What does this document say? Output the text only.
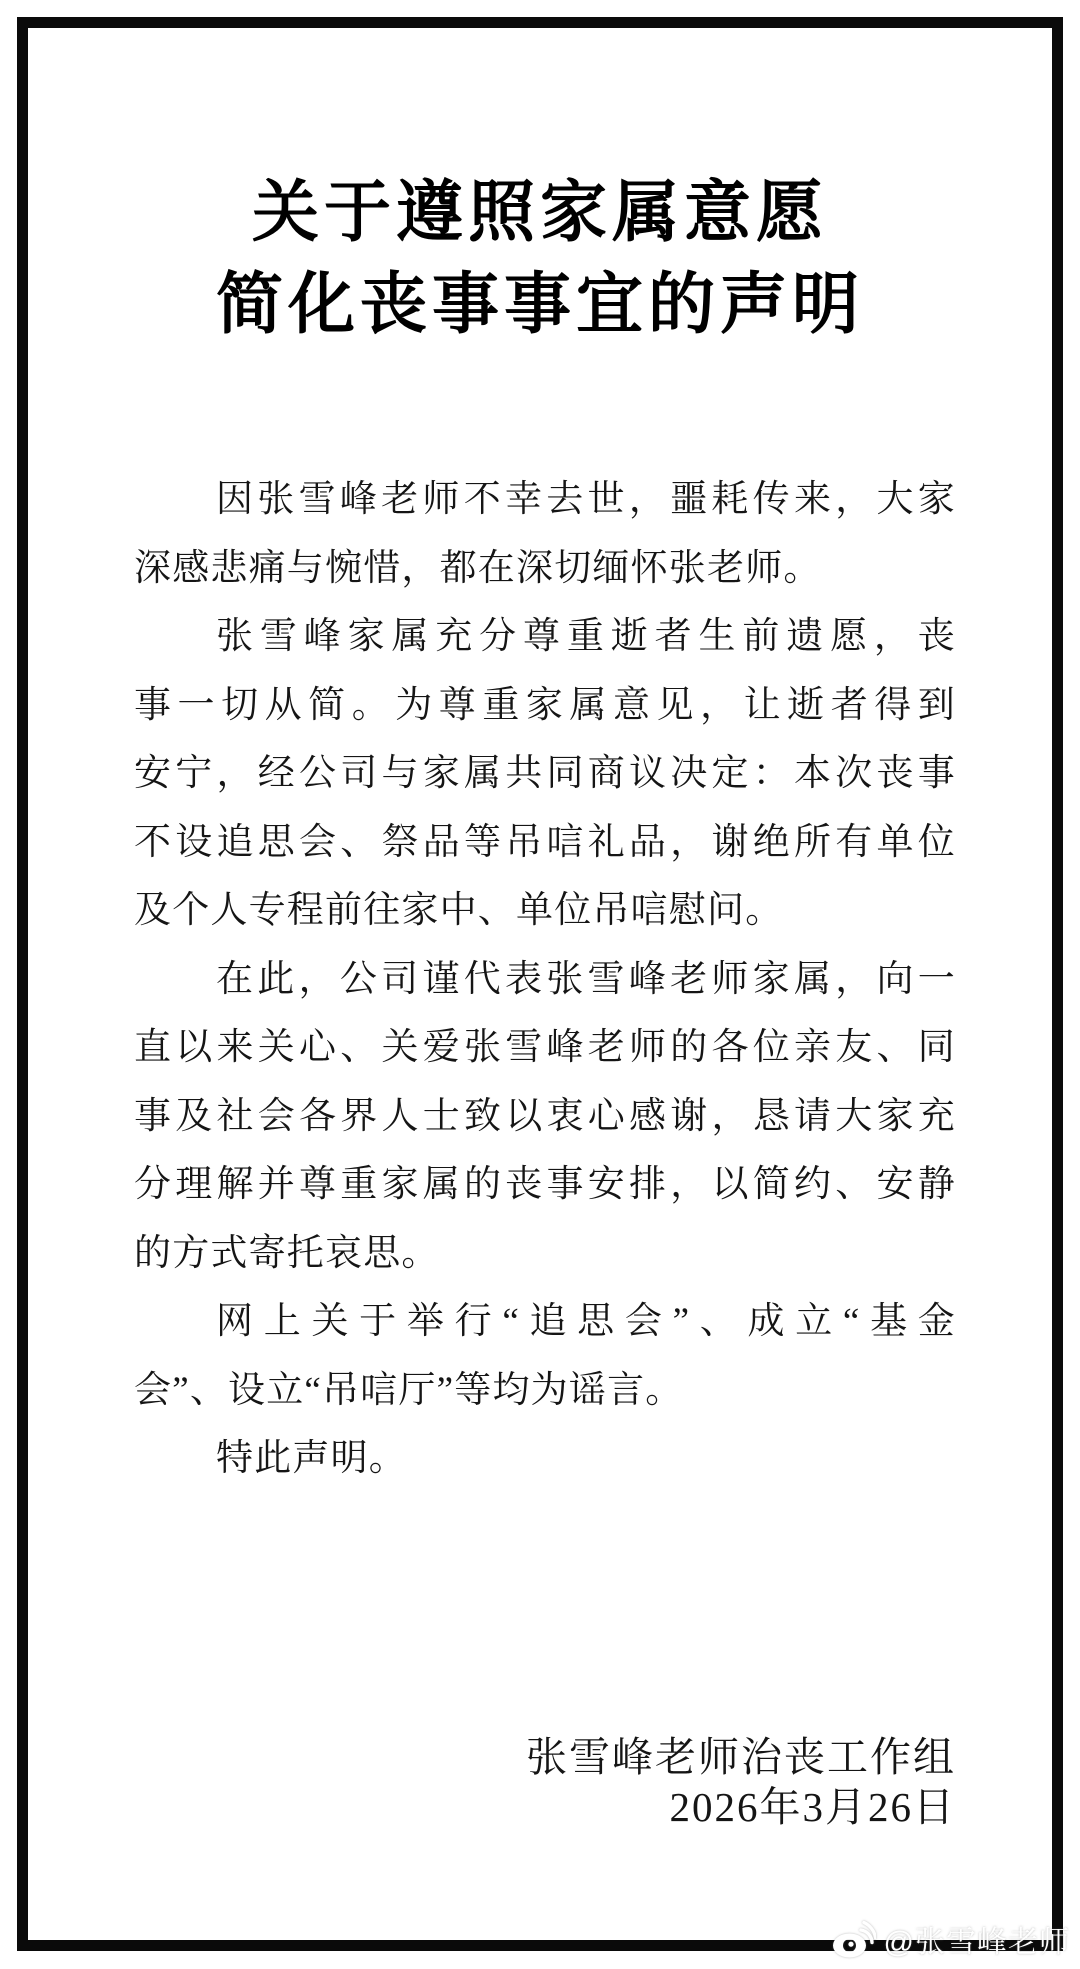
关于遵照家属意愿
简化丧事事宜的声明
因张雪峰老师不幸去世，噩耗传来，大家
深感悲痛与惋惜，都在深切缅怀张老师。
张雪峰家属充分尊重逝者生前遗愿，丧
事一切从简。为尊重家属意见，让逝者得到
安宁，经公司与家属共同商议决定：本次丧事
不设追思会、祭品等吊唁礼品，谢绝所有单位
及个人专程前往家中、单位吊唁慰问。
在此，公司谨代表张雪峰老师家属，向一
直以来关心、关爱张雪峰老师的各位亲友、同
事及社会各界人士致以衷心感谢，恳请大家充
分理解并尊重家属的丧事安排，以简约、安静
的方式寄托哀思。
网上关于举行“追思会”、成立“基金
会”、设立“吊唁厅”等均为谣言。
特此声明。
张雪峰老师治丧工作组
2026年3月26日
@张雪峰老师
